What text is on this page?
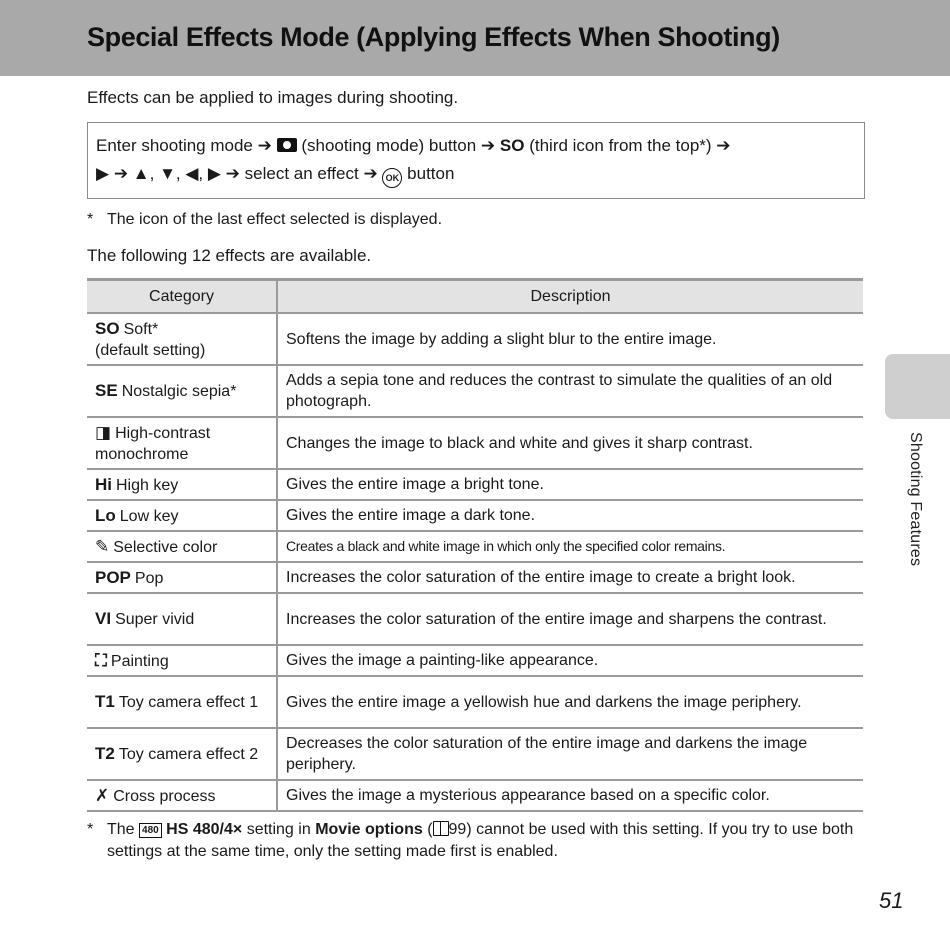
Special Effects Mode (Applying Effects When Shooting)
Effects can be applied to images during shooting.
Enter shooting mode ➔ (shooting mode) button ➔ SO (third icon from the top*) ➔
▶ ➔ ▲, ▼, ◀, ▶ ➔ select an effect ➔ OK button
* The icon of the last effect selected is displayed.
The following 12 effects are available.
Category	Description
SO Soft*
(default setting)	Softens the image by adding a slight blur to the entire image.
SE Nostalgic sepia*	Adds a sepia tone and reduces the contrast to simulate the qualities of an old photograph.
◨ High-contrast monochrome	Changes the image to black and white and gives it sharp contrast.
Hi High key	Gives the entire image a bright tone.
Lo Low key	Gives the entire image a dark tone.
✎ Selective color	Creates a black and white image in which only the specified color remains.
POP Pop	Increases the color saturation of the entire image to create a bright look.
VI Super vivid	Increases the color saturation of the entire image and sharpens the contrast.
⛶ Painting	Gives the image a painting-like appearance.
T1 Toy camera effect 1	Gives the entire image a yellowish hue and darkens the image periphery.
T2 Toy camera effect 2	Decreases the color saturation of the entire image and darkens the image periphery.
✗ Cross process	Gives the image a mysterious appearance based on a specific color.
* The 480 HS 480/4× setting in Movie options ( 99) cannot be used with this setting. If you try to use both settings at the same time, only the setting made first is enabled.
Shooting Features
51
